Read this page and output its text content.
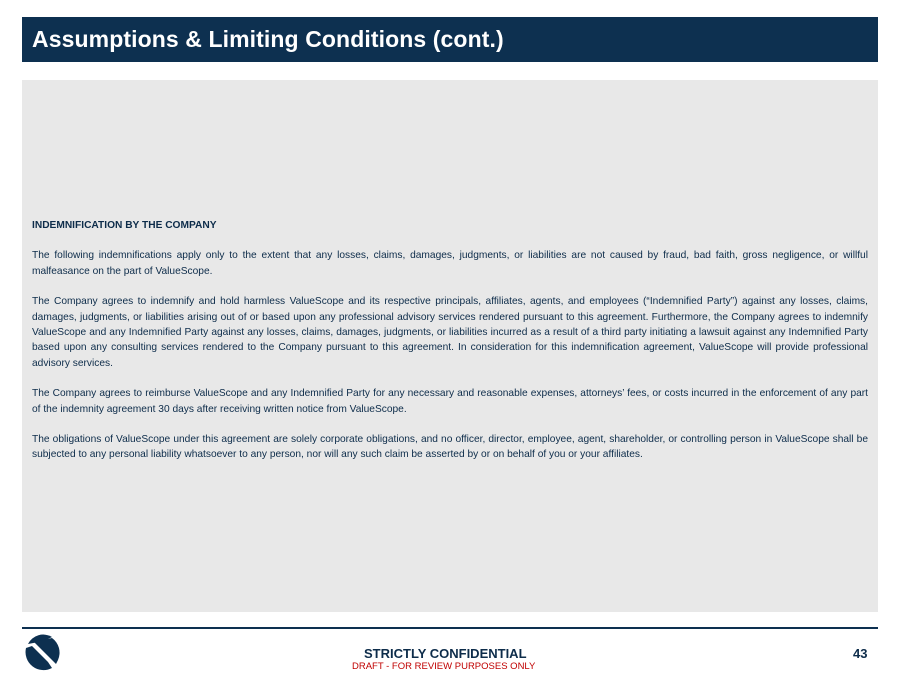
Assumptions & Limiting Conditions (cont.)

INDEMNIFICATION BY THE COMPANY

The following indemnifications apply only to the extent that any losses, claims, damages, judgments, or liabilities are not caused by fraud, bad faith, gross negligence, or willful malfeasance on the part of ValueScope.

The Company agrees to indemnify and hold harmless ValueScope and its respective principals, affiliates, agents, and employees (“Indemnified Party”) against any losses, claims, damages, judgments, or liabilities arising out of or based upon any professional advisory services rendered pursuant to this agreement. Furthermore, the Company agrees to indemnify ValueScope and any Indemnified Party against any losses, claims, damages, judgments, or liabilities incurred as a result of a third party initiating a lawsuit against any Indemnified Party based upon any consulting services rendered to the Company pursuant to this agreement. In consideration for this indemnification agreement, ValueScope will provide professional advisory services.

The Company agrees to reimburse ValueScope and any Indemnified Party for any necessary and reasonable expenses, attorneys’ fees, or costs incurred in the enforcement of any part of the indemnity agreement 30 days after receiving written notice from ValueScope.

The obligations of ValueScope under this agreement are solely corporate obligations, and no officer, director, employee, agent, shareholder, or controlling person in ValueScope shall be subjected to any personal liability whatsoever to any person, nor will any such claim be asserted by or on behalf of you or your affiliates.

STRICTLY CONFIDENTIAL
DRAFT - FOR REVIEW PURPOSES ONLY
43
